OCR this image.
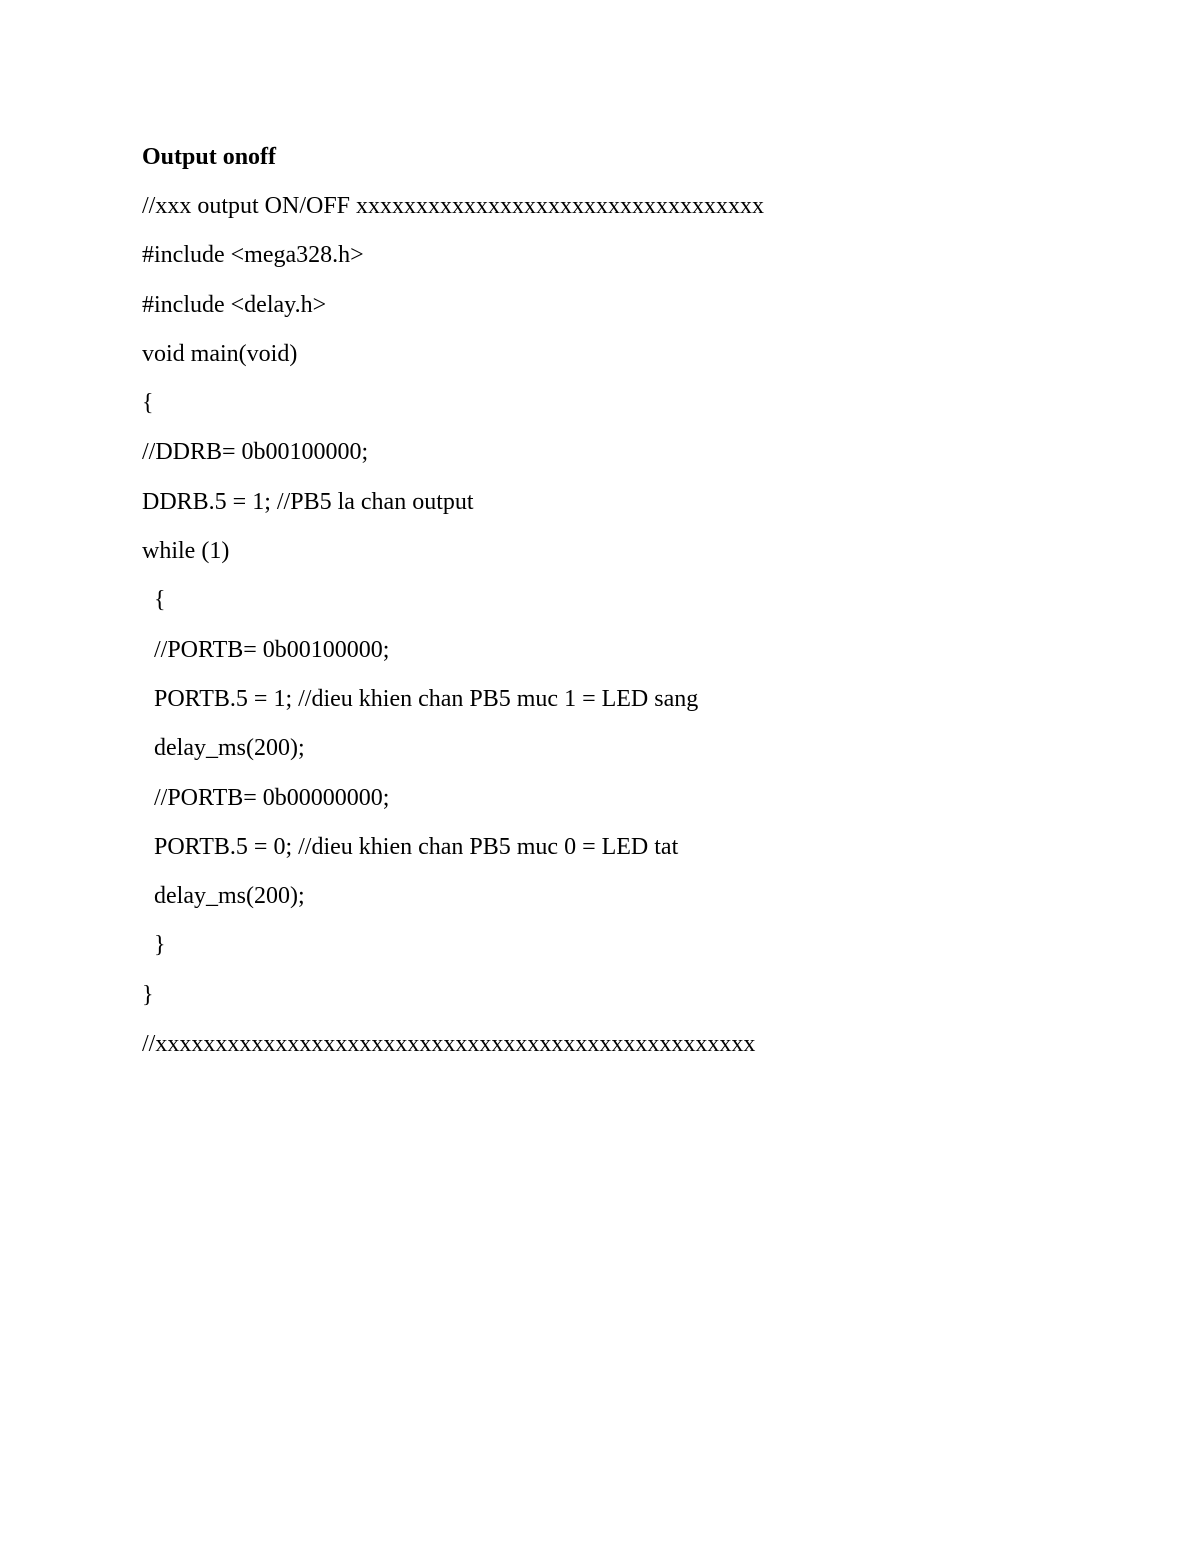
Output onoff
//xxx output ON/OFF xxxxxxxxxxxxxxxxxxxxxxxxxxxxxxxxxx
#include <mega328.h>
#include <delay.h>
void main(void)
{
//DDRB= 0b00100000;
DDRB.5 = 1; //PB5 la chan output
while (1)
{
//PORTB= 0b00100000;
PORTB.5 = 1; //dieu khien chan PB5 muc 1 = LED sang
delay_ms(200);
//PORTB= 0b00000000;
PORTB.5 = 0; //dieu khien chan PB5 muc 0 = LED tat
delay_ms(200);
}
}
//xxxxxxxxxxxxxxxxxxxxxxxxxxxxxxxxxxxxxxxxxxxxxxxxxx
